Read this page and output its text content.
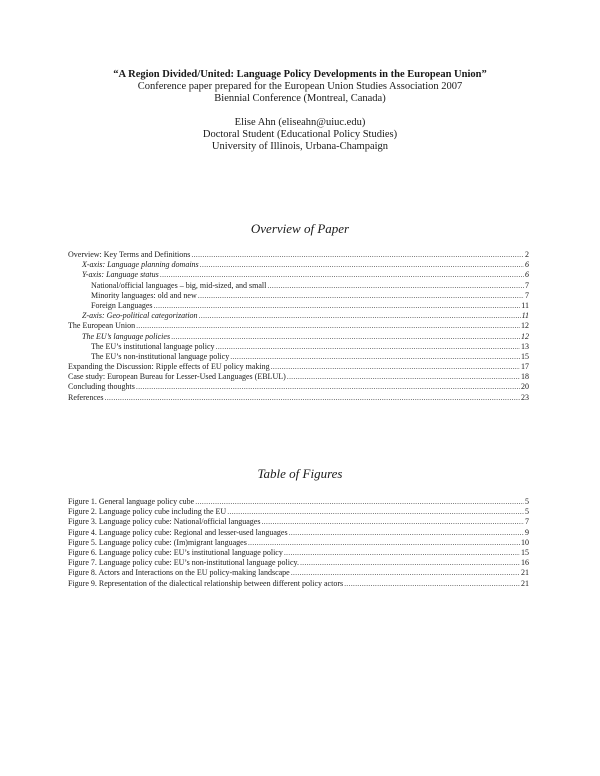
“A Region Divided/United: Language Policy Developments in the European Union”
Conference paper prepared for the European Union Studies Association 2007
Biennial Conference (Montreal, Canada)
Elise Ahn (eliseahn@uiuc.edu)
Doctoral Student (Educational Policy Studies)
University of Illinois, Urbana-Champaign
Overview of Paper
Overview: Key Terms and Definitions .....	2
X-axis: Language planning domains .....	6
Y-axis: Language status .....	6
National/official languages – big, mid-sized, and small .....	7
Minority languages: old and new .....	7
Foreign Languages .....	11
Z-axis: Geo-political categorization .....	11
The European Union .....	12
The EU’s language policies .....	12
The EU’s institutional language policy .....	13
The EU’s non-institutional language policy .....	15
Expanding the Discussion: Ripple effects of EU policy making .....	17
Case study: European Bureau for Lesser-Used Languages (EBLUL) .....	18
Concluding thoughts .....	20
References .....	23
Table of Figures
Figure 1. General language policy cube .....	5
Figure 2. Language policy cube including the EU .....	5
Figure 3. Language policy cube: National/official languages .....	7
Figure 4. Language policy cube: Regional and lesser-used languages .....	9
Figure 5. Language policy cube: (Im)migrant languages .....	10
Figure 6. Language policy cube: EU’s institutional language policy .....	15
Figure 7. Language policy cube: EU’s non-institutional language policy. .....	16
Figure 8. Actors and Interactions on the EU policy-making landscape .....	21
Figure 9. Representation of the dialectical relationship between different policy actors .....	21
